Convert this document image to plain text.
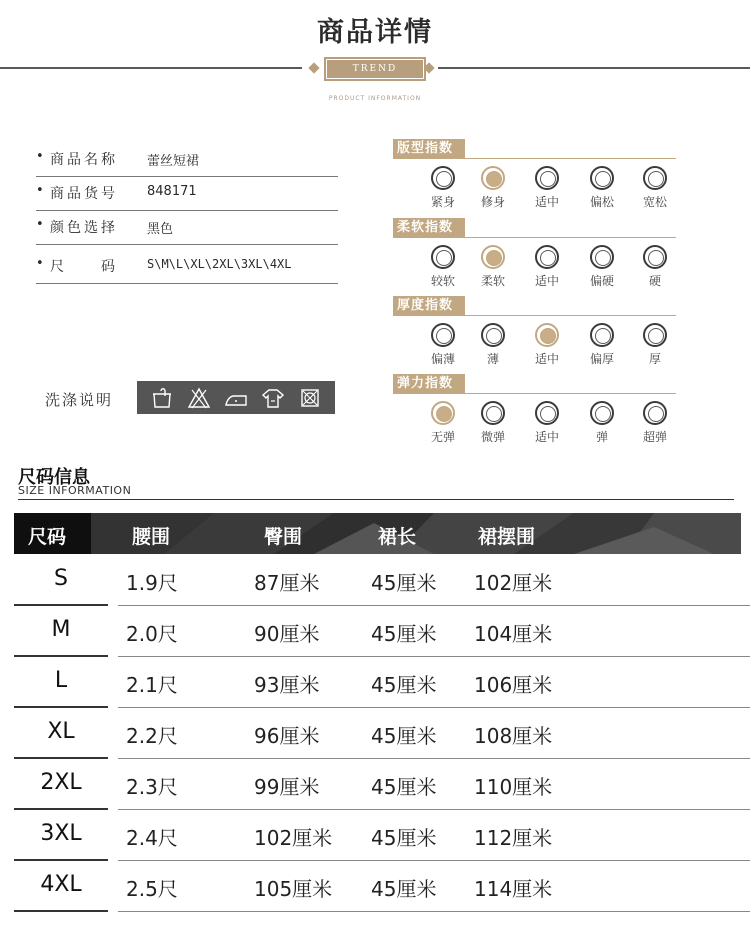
商品详情
TREND
PRODUCT INFORMATION
• 商品名称 蕾丝短裙
• 商品货号 848171
• 颜色选择 黑色
• 尺　　码 S\M\L\XL\2XL\3XL\4XL
洗涤说明
版型指数
紧身	修身	适中	偏松	宽松
柔软指数
较软	柔软	适中	偏硬	硬
厚度指数
偏薄	薄	适中	偏厚	厚
弹力指数
无弹	微弹	适中	弹	超弹
尺码信息
SIZE INFORMATION
尺码	腰围	臀围	裙长	裙摆围
S	1.9尺	87厘米	45厘米 102厘米
M	2.0尺	90厘米	45厘米 104厘米
L	2.1尺	93厘米	45厘米 106厘米
XL	2.2尺	96厘米	45厘米 108厘米
2XL	2.3尺	99厘米	45厘米 110厘米
3XL	2.4尺	102厘米 45厘米 112厘米
4XL	2.5尺	105厘米 45厘米 114厘米
